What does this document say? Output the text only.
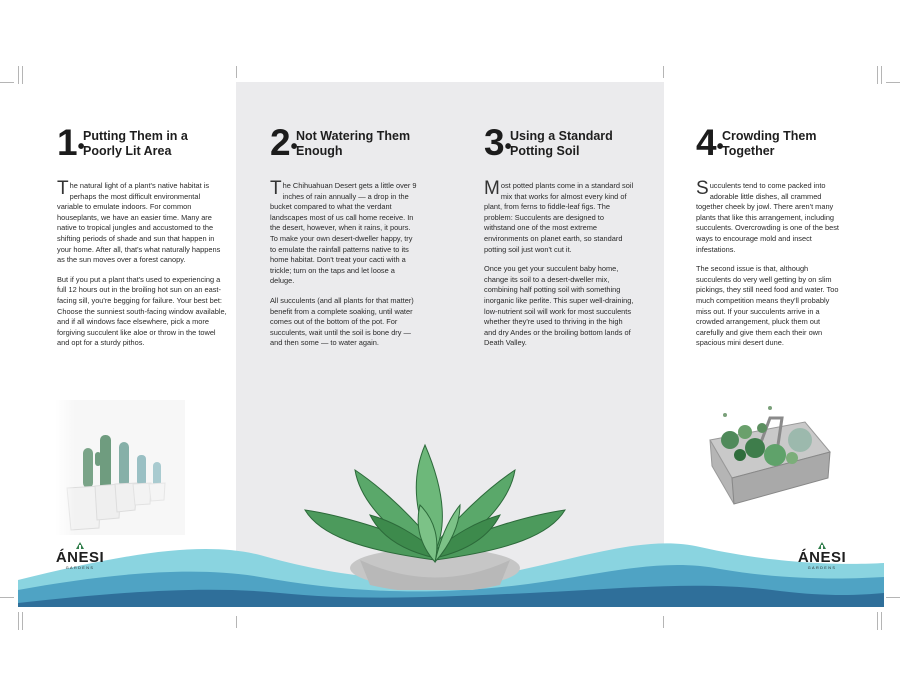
1•
Putting Them in a
Poorly Lit Area

The natural light of a plant's native habitat is perhaps the most difficult environmental variable to emulate indoors. For common houseplants, we have an easier time. Many are native to tropical jungles and accustomed to the shifting periods of shade and sun that happen in your home. After all, that's what naturally happens as the sun moves over a forest canopy.

But if you put a plant that's used to experiencing a full 12 hours out in the broiling hot sun on an east-facing sill, you're begging for failure. Your best bet: Choose the sunniest south-facing window available, and if all windows face elsewhere, pick a more forgiving succulent like aloe or throw in the towel and opt for a sturdy pithos.

2•
Not Watering Them
Enough

The Chihuahuan Desert gets a little over 9 inches of rain annually — a drop in the bucket compared to what the verdant landscapes most of us call home receive. In the desert, however, when it rains, it pours. To make your own desert-dweller happy, try to emulate the rainfall patterns native to its home habitat. Don't treat your cacti with a trickle; turn on the taps and let loose a deluge.

All succulents (and all plants for that matter) benefit from a complete soaking, until water comes out of the bottom of the pot. For succulents, wait until the soil is bone dry — and then some — to water again.

3•
Using a Standard
Potting Soil

Most potted plants come in a standard soil mix that works for almost every kind of plant, from ferns to fiddle-leaf figs. The problem: Succulents are designed to withstand one of the most extreme environments on planet earth, so standard potting soil just won't cut it.

Once you get your succulent baby home, change its soil to a desert-dweller mix, combining half potting soil with something inorganic like perlite. This super well-draining, low-nutrient soil will work for most succulents whether they're used to thriving in the high and dry Andes or the broiling bottom lands of Death Valley.

4•
Crowding Them
Together

Succulents tend to come packed into adorable little dishes, all crammed together cheek by jowl. There aren't many plants that like this arrangement, including succulents. Overcrowding is one of the best ways to encourage mold and insect infestations.

The second issue is that, although succulents do very well getting by on slim pickings, they still need food and water. Too much competition means they'll probably miss out. If your succulents arrive in a crowded arrangement, pluck them out carefully and give them each their own spacious mini desert dune.

ÁNESI
GARDENS
ÁNESI
GARDENS
